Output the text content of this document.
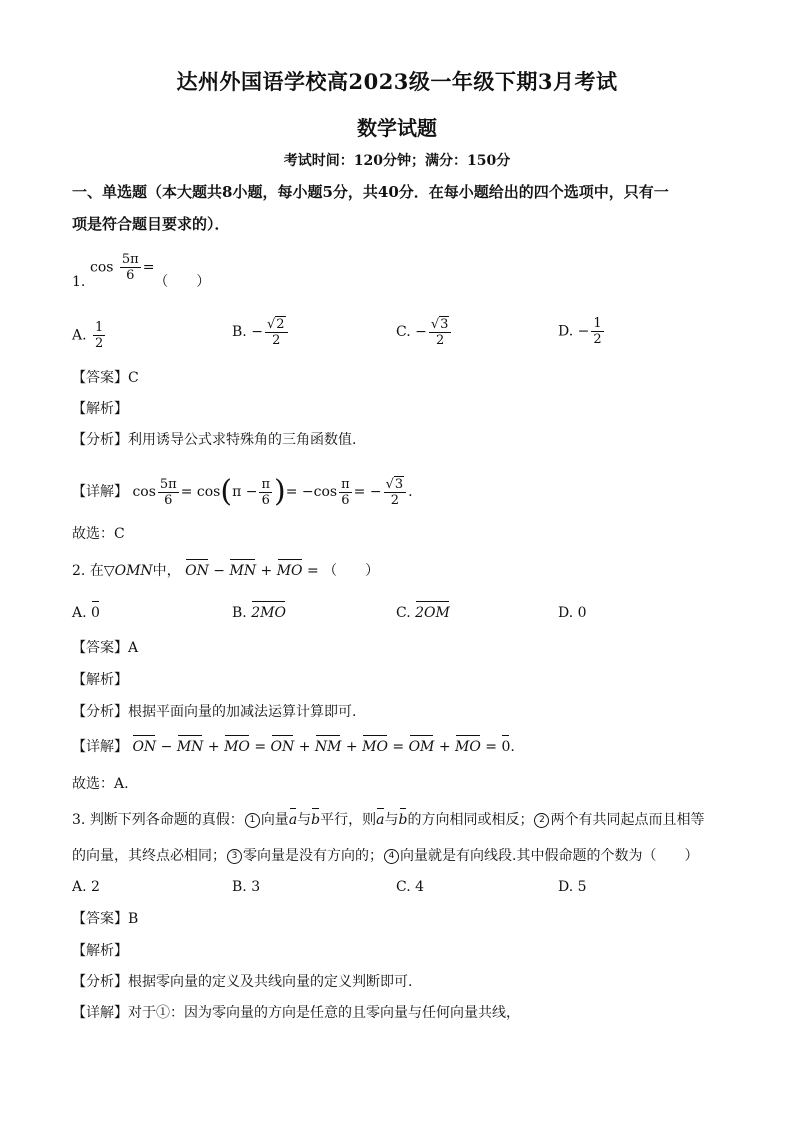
达州外国语学校高2023级一年级下期3月考试
数学试题
考试时间：120分钟；满分：150分
一、单选题（本大题共8小题，每小题5分，共40分．在每小题给出的四个选项中，只有一
项是符合题目要求的）．
$\cos \frac{5\pi}{6}$ =
1.	（　　）
A. $\frac{1}{2}$	B. − $\frac{√2}{2}$	C. − $\frac{√3}{2}$	D. − $\frac{1}{2}$
【答案】C
【解析】
【分析】利用诱导公式求特殊角的三角函数值.
【详解】 $\cos \frac{5\pi}{6} = \cos(\pi - \frac{\pi}{6}$ )= $-\cos \frac{\pi}{6}$ = − $\frac{√3}{2}$ .
故选：C
2. 在▽OMN中， ON − MN + MO = （　　）
A. 0	B. 2MO	C. 2OM	D. 0
【答案】A
【解析】
【分析】根据平面向量的加减法运算计算即可.
【详解】 ON − MN + MO = ON + NM + MO = OM + MO = 0.
故选：A.
3. 判断下列各命题的真假： 1 向量a与b平行，则a与b的方向相同或相反； 2 两个有共同起点而且相等
的向量，其终点必相同； 3 零向量是没有方向的； 4 向量就是有向线段.其中假命题的个数为（　　）
A. 2	B. 3	C. 4	D. 5
【答案】B
【解析】
【分析】根据零向量的定义及共线向量的定义判断即可.
【详解】对于①：因为零向量的方向是任意的且零向量与任何向量共线，
